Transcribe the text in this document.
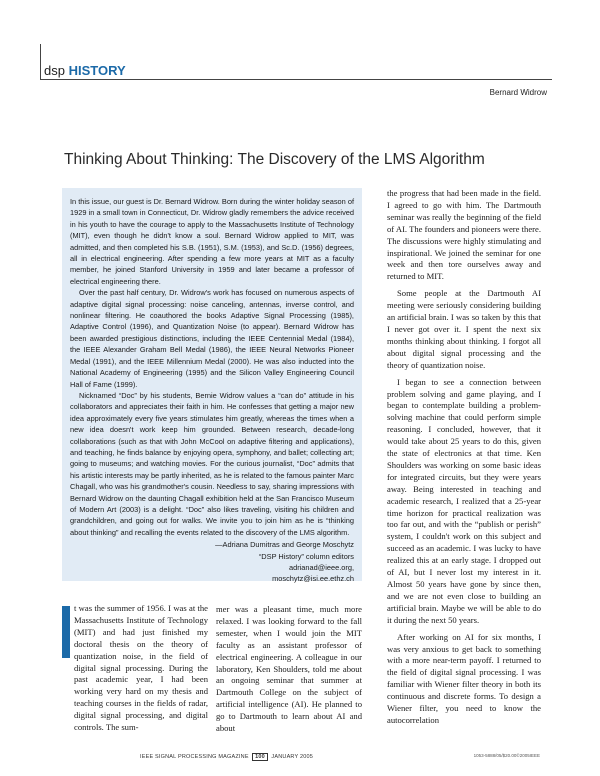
dsp HISTORY
Bernard Widrow
Thinking About Thinking: The Discovery of the LMS Algorithm

In this issue, our guest is Dr. Bernard Widrow. Born during the winter holiday season of 1929 in a small town in Connecticut, Dr. Widrow gladly remembers the advice received in his youth to have the courage to apply to the Massachusetts Institute of Technology (MIT), even though he didn't know a soul. Bernard Widrow applied to MIT, was admitted, and then completed his S.B. (1951), S.M. (1953), and Sc.D. (1956) degrees, all in electrical engineering. After spending a few more years at MIT as a faculty member, he joined Stanford University in 1959 and later became a professor of electrical engineering there.

Over the past half century, Dr. Widrow's work has focused on numerous aspects of adaptive digital signal processing: noise canceling, antennas, inverse control, and nonlinear filtering. He coauthored the books Adaptive Signal Processing (1985), Adaptive Control (1996), and Quantization Noise (to appear). Bernard Widrow has been awarded prestigious distinctions, including the IEEE Centennial Medal (1984), the IEEE Alexander Graham Bell Medal (1986), the IEEE Neural Networks Pioneer Medal (1991), and the IEEE Millennium Medal (2000). He was also inducted into the National Academy of Engineering (1995) and the Silicon Valley Engineering Council Hall of Fame (1999).

Nicknamed “Doc” by his students, Bernie Widrow values a “can do” attitude in his collaborators and appreciates their faith in him. He confesses that getting a major new idea approximately every five years stimulates him greatly, whereas the times when a new idea doesn't work keep him grounded. Between research, decade-long collaborations (such as that with John McCool on adaptive filtering and applications), and teaching, he finds balance by enjoying opera, symphony, and ballet; collecting art; going to museums; and watching movies. For the curious journalist, “Doc” admits that his artistic interests may be partly inherited, as he is related to the famous painter Marc Chagall, who was his grandmother's cousin. Needless to say, sharing impressions with Bernard Widrow on the daunting Chagall exhibition held at the San Francisco Museum of Modern Art (2003) is a delight. “Doc” also likes traveling, visiting his children and grandchildren, and going out for walks. We invite you to join him as he is “thinking about thinking” and recalling the events related to the discovery of the LMS algorithm.

—Adriana Dumitras and George Moschytz
“DSP History” column editors
adrianad@ieee.org,
moschytz@isi.ee.ethz.ch
t was the summer of 1956. I was at the Massachusetts Institute of Technology (MIT) and had just finished my doctoral thesis on the theory of quantization noise, in the field of digital signal processing. During the past academic year, I had been working very hard on my thesis and teaching courses in the fields of radar, digital signal processing, and digital controls. The sum-

mer was a pleasant time, much more relaxed. I was looking forward to the fall semester, when I would join the MIT faculty as an assistant professor of electrical engineering. A colleague in our laboratory, Ken Shoulders, told me about an ongoing seminar that summer at Dartmouth College on the subject of artificial intelligence (AI). He planned to go to Dartmouth to learn about AI and about

the progress that had been made in the field. I agreed to go with him. The Dartmouth seminar was really the beginning of the field of AI. The founders and pioneers were there. The discussions were highly stimulating and inspirational. We joined the seminar for one week and then tore ourselves away and returned to MIT.

Some people at the Dartmouth AI meeting were seriously considering building an artificial brain. I was so taken by this that I never got over it. I spent the next six months thinking about thinking. I forgot all about digital signal processing and the theory of quantization noise.

I began to see a connection between problem solving and game playing, and I began to contemplate building a problem-solving machine that could perform simple reasoning. I concluded, however, that it would take about 25 years to do this, given the state of electronics at that time. Ken Shoulders was working on some basic ideas for integrated circuits, but they were years away. Being interested in teaching and academic research, I realized that a 25-year time horizon for practical realization was too far out, and with the “publish or perish” system, I couldn't work on this subject and succeed as an academic. I was lucky to have realized this at an early stage. I dropped out of AI, but I never lost my interest in it. Almost 50 years have gone by since then, and we are not even close to building an artificial brain. Maybe we will be able to do it during the next 50 years.

After working on AI for six months, I was very anxious to get back to something with a more near-term payoff. I returned to the field of digital signal processing. I was familiar with Wiener filter theory in both its continuous and discrete forms. To design a Wiener filter, you need to know the autocorrelation

IEEE SIGNAL PROCESSING MAGAZINE 100 JANUARY 2005	1053-5888/05/$20.00©2005IEEE
